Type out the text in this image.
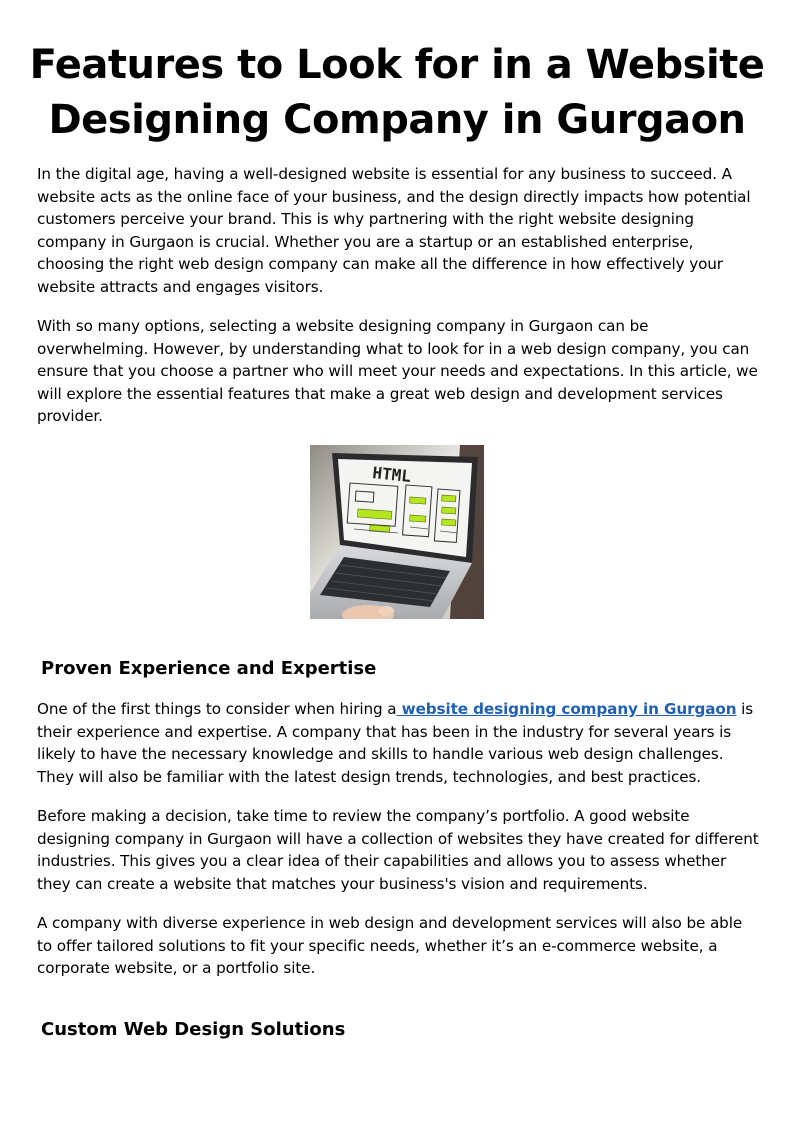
Features to Look for in a Website
Designing Company in Gurgaon

In the digital age, having a well-designed website is essential for any business to succeed. A website acts as the online face of your business, and the design directly impacts how potential customers perceive your brand. This is why partnering with the right website designing company in Gurgaon is crucial. Whether you are a startup or an established enterprise, choosing the right web design company can make all the difference in how effectively your website attracts and engages visitors.

With so many options, selecting a website designing company in Gurgaon can be overwhelming. However, by understanding what to look for in a web design company, you can ensure that you choose a partner who will meet your needs and expectations. In this article, we will explore the essential features that make a great web design and development services provider.

HTML
Proven Experience and Expertise

One of the first things to consider when hiring a website designing company in Gurgaon is their experience and expertise. A company that has been in the industry for several years is likely to have the necessary knowledge and skills to handle various web design challenges. They will also be familiar with the latest design trends, technologies, and best practices.

Before making a decision, take time to review the company’s portfolio. A good website designing company in Gurgaon will have a collection of websites they have created for different industries. This gives you a clear idea of their capabilities and allows you to assess whether they can create a website that matches your business's vision and requirements.

A company with diverse experience in web design and development services will also be able to offer tailored solutions to fit your specific needs, whether it’s an e-commerce website, a corporate website, or a portfolio site.

Custom Web Design Solutions
